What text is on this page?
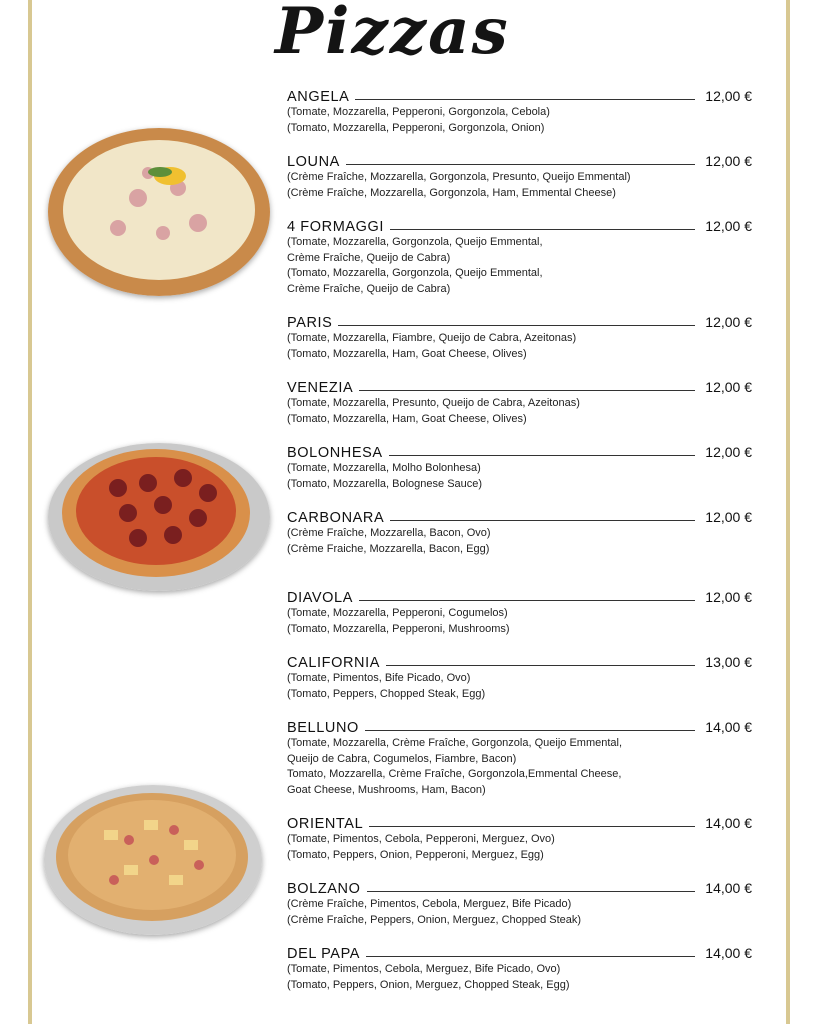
Pizzas
ANGELA	12,00 €
(Tomate, Mozzarella, Pepperoni, Gorgonzola, Cebola)
(Tomato, Mozzarella, Pepperoni, Gorgonzola, Onion)
LOUNA	12,00 €
(Crème Fraîche, Mozzarella, Gorgonzola, Presunto, Queijo Emmental)
(Crème Fraîche, Mozzarella, Gorgonzola, Ham, Emmental Cheese)
4 FORMAGGI	12,00 €
(Tomate, Mozzarella, Gorgonzola, Queijo Emmental,
Crème Fraîche, Queijo de Cabra)
(Tomato, Mozzarella, Gorgonzola, Queijo Emmental,
Crème Fraîche, Queijo de Cabra)
PARIS	12,00 €
(Tomate, Mozzarella, Fiambre, Queijo de Cabra, Azeitonas)
(Tomato, Mozzarella, Ham, Goat Cheese, Olives)
VENEZIA	12,00 €
(Tomate, Mozzarella, Presunto, Queijo de Cabra, Azeitonas)
(Tomato, Mozzarella, Ham, Goat Cheese, Olives)
BOLONHESA	12,00 €
(Tomate, Mozzarella, Molho Bolonhesa)
(Tomato, Mozzarella, Bolognese Sauce)
CARBONARA	12,00 €
(Crème Fraîche, Mozzarella, Bacon, Ovo)
(Crème Fraiche, Mozzarella, Bacon, Egg)
DIAVOLA	12,00 €
(Tomate, Mozzarella, Pepperoni, Cogumelos)
(Tomato, Mozzarella, Pepperoni, Mushrooms)
CALIFORNIA	13,00 €
(Tomate, Pimentos, Bife Picado, Ovo)
(Tomato, Peppers, Chopped Steak, Egg)
BELLUNO	14,00 €
(Tomate, Mozzarella, Crème Fraîche, Gorgonzola, Queijo Emmental,
Queijo de Cabra, Cogumelos, Fiambre, Bacon)
Tomato, Mozzarella, Crème Fraîche, Gorgonzola,Emmental Cheese,
Goat Cheese, Mushrooms, Ham, Bacon)
ORIENTAL	14,00 €
(Tomate, Pimentos, Cebola, Pepperoni, Merguez, Ovo)
(Tomato, Peppers, Onion, Pepperoni, Merguez, Egg)
BOLZANO	14,00 €
(Crème Fraîche, Pimentos, Cebola, Merguez, Bife Picado)
(Crème Fraîche, Peppers, Onion, Merguez, Chopped Steak)
DEL PAPA	14,00 €
(Tomate, Pimentos, Cebola, Merguez, Bife Picado, Ovo)
(Tomato, Peppers, Onion, Merguez, Chopped Steak, Egg)
